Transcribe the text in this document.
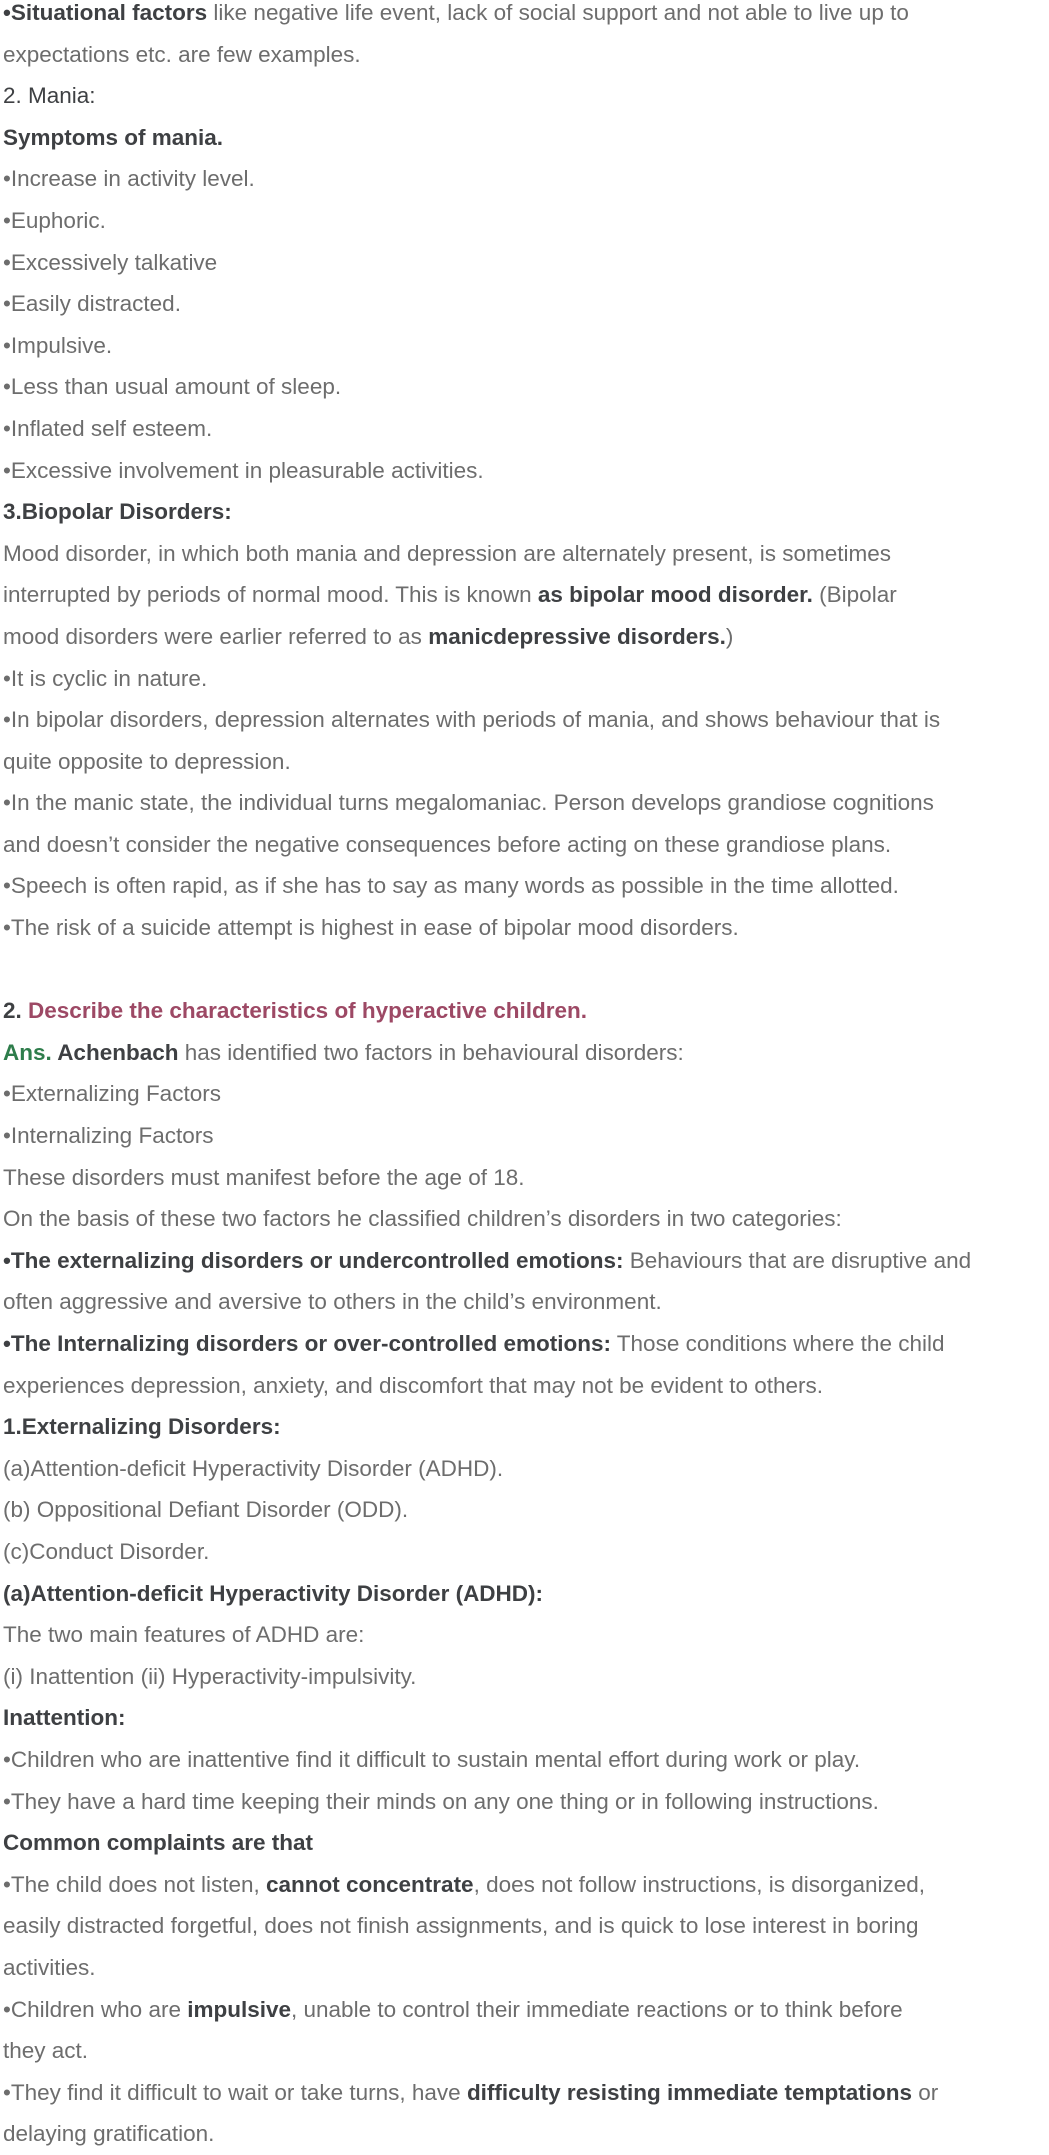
•Situational factors like negative life event, lack of social support and not able to live up to
expectations etc. are few examples.
2. Mania:
Symptoms of mania.
•Increase in activity level.
•Euphoric.
•Excessively talkative
•Easily distracted.
•Impulsive.
•Less than usual amount of sleep.
•Inflated self esteem.
•Excessive involvement in pleasurable activities.
3.Biopolar Disorders:
Mood disorder, in which both mania and depression are alternately present, is sometimes
interrupted by periods of normal mood. This is known as bipolar mood disorder. (Bipolar
mood disorders were earlier referred to as manicdepressive disorders.)
•It is cyclic in nature.
•In bipolar disorders, depression alternates with periods of mania, and shows behaviour that is
quite opposite to depression.
•In the manic state, the individual turns megalomaniac. Person develops grandiose cognitions
and doesn’t consider the negative consequences before acting on these grandiose plans.
•Speech is often rapid, as if she has to say as many words as possible in the time allotted.
•The risk of a suicide attempt is highest in ease of bipolar mood disorders.
2. Describe the characteristics of hyperactive children.
Ans. Achenbach has identified two factors in behavioural disorders:
•Externalizing Factors
•Internalizing Factors
These disorders must manifest before the age of 18.
On the basis of these two factors he classified children’s disorders in two categories:
•The externalizing disorders or undercontrolled emotions: Behaviours that are disruptive and
often aggressive and aversive to others in the child’s environment.
•The Internalizing disorders or over-controlled emotions: Those conditions where the child
experiences depression, anxiety, and discomfort that may not be evident to others.
1.Externalizing Disorders:
(a)Attention-deficit Hyperactivity Disorder (ADHD).
(b) Oppositional Defiant Disorder (ODD).
(c)Conduct Disorder.
(a)Attention-deficit Hyperactivity Disorder (ADHD):
The two main features of ADHD are:
(i) Inattention (ii) Hyperactivity-impulsivity.
Inattention:
•Children who are inattentive find it difficult to sustain mental effort during work or play.
•They have a hard time keeping their minds on any one thing or in following instructions.
Common complaints are that
•The child does not listen, cannot concentrate, does not follow instructions, is disorganized,
easily distracted forgetful, does not finish assignments, and is quick to lose interest in boring
activities.
•Children who are impulsive, unable to control their immediate reactions or to think before
they act.
•They find it difficult to wait or take turns, have difficulty resisting immediate temptations or
delaying gratification.
